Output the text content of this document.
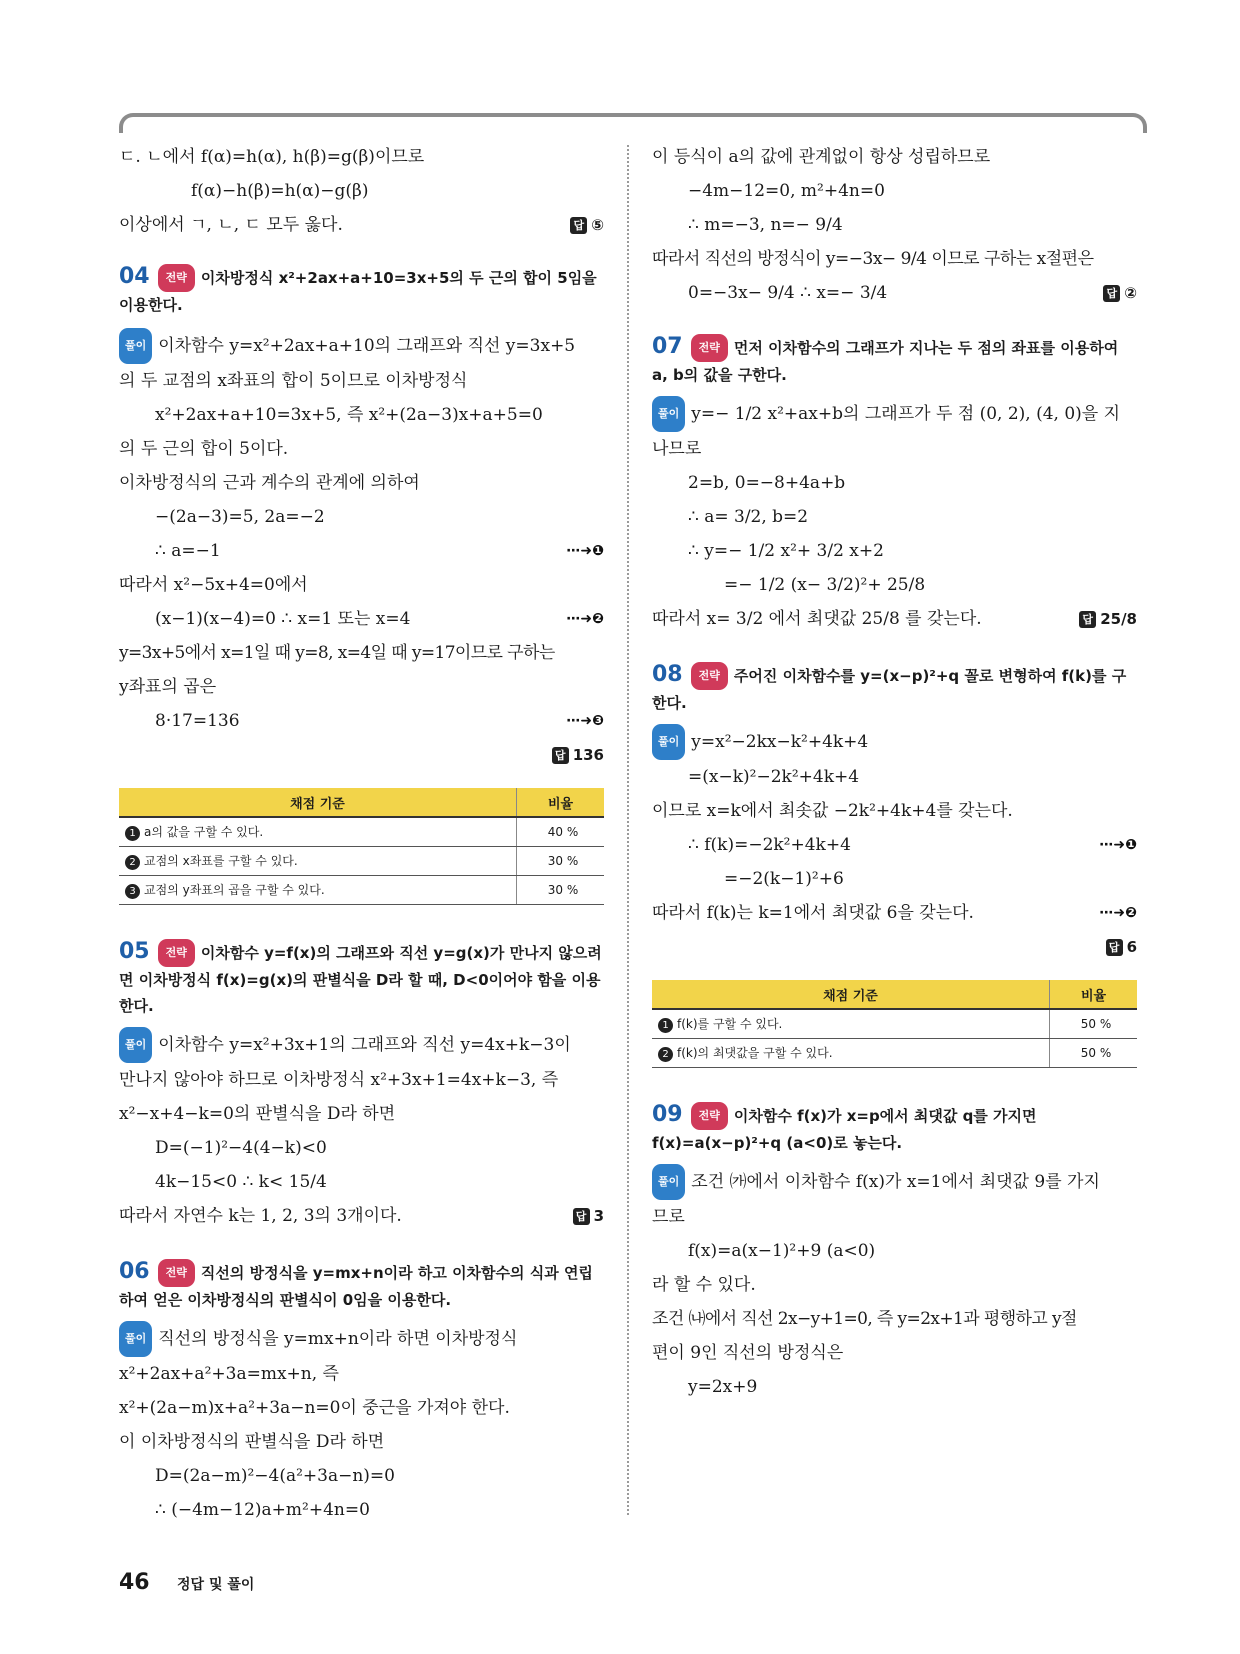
ㄷ. ㄴ에서 f(α)=h(α), h(β)=g(β)이므로
f(α)−h(β)=h(α)−g(β)
이상에서 ㄱ, ㄴ, ㄷ 모두 옳다.	답 ⑤
04 전략 이차방정식 x²+2ax+a+10=3x+5의 두 근의 합이 5임을 이용한다.
풀이 이차함수 y=x²+2ax+a+10의 그래프와 직선 y=3x+5
의 두 교점의 x좌표의 합이 5이므로 이차방정식
x²+2ax+a+10=3x+5, 즉 x²+(2a−3)x+a+5=0
의 두 근의 합이 5이다.
이차방정식의 근과 계수의 관계에 의하여
−(2a−3)=5, 2a=−2
∴ a=−1	⋯➜❶
따라서 x²−5x+4=0에서
(x−1)(x−4)=0 ∴ x=1 또는 x=4	⋯➜❷
y=3x+5에서 x=1일 때 y=8, x=4일 때 y=17이므로 구하는
y좌표의 곱은
8·17=136	⋯➜❸
답 136
채점 기준	비율
1 a의 값을 구할 수 있다.	40 %
2 교점의 x좌표를 구할 수 있다.	30 %
3 교점의 y좌표의 곱을 구할 수 있다.	30 %
05 전략 이차함수 y=f(x)의 그래프와 직선 y=g(x)가 만나지 않으려면 이차방정식 f(x)=g(x)의 판별식을 D라 할 때, D<0이어야 함을 이용한다.
풀이 이차함수 y=x²+3x+1의 그래프와 직선 y=4x+k−3이
만나지 않아야 하므로 이차방정식 x²+3x+1=4x+k−3, 즉
x²−x+4−k=0의 판별식을 D라 하면
D=(−1)²−4(4−k)<0
4k−15<0 ∴ k< 15/4
따라서 자연수 k는 1, 2, 3의 3개이다.	답 3
06 전략 직선의 방정식을 y=mx+n이라 하고 이차함수의 식과 연립하여 얻은 이차방정식의 판별식이 0임을 이용한다.
풀이 직선의 방정식을 y=mx+n이라 하면 이차방정식
x²+2ax+a²+3a=mx+n, 즉
x²+(2a−m)x+a²+3a−n=0이 중근을 가져야 한다.
이 이차방정식의 판별식을 D라 하면
D=(2a−m)²−4(a²+3a−n)=0
∴ (−4m−12)a+m²+4n=0
이 등식이 a의 값에 관계없이 항상 성립하므로
−4m−12=0, m²+4n=0
∴ m=−3, n=− 9/4
따라서 직선의 방정식이 y=−3x− 9/4 이므로 구하는 x절편은
0=−3x− 9/4 ∴ x=− 3/4	답 ②
07 전략 먼저 이차함수의 그래프가 지나는 두 점의 좌표를 이용하여 a, b의 값을 구한다.
풀이 y=− 1/2 x²+ax+b의 그래프가 두 점 (0, 2), (4, 0)을 지
나므로
2=b, 0=−8+4a+b
∴ a= 3/2, b=2
∴ y=− 1/2 x²+ 3/2 x+2
=− 1/2 (x− 3/2)²+ 25/8
따라서 x= 3/2 에서 최댓값 25/8 를 갖는다.	답 25/8
08 전략 주어진 이차함수를 y=(x−p)²+q 꼴로 변형하여 f(k)를 구한다.
풀이 y=x²−2kx−k²+4k+4
=(x−k)²−2k²+4k+4
이므로 x=k에서 최솟값 −2k²+4k+4를 갖는다.
∴ f(k)=−2k²+4k+4	⋯➜❶
=−2(k−1)²+6
따라서 f(k)는 k=1에서 최댓값 6을 갖는다.	⋯➜❷
답 6
채점 기준	비율
1 f(k)를 구할 수 있다.	50 %
2 f(k)의 최댓값을 구할 수 있다.	50 %
09 전략 이차함수 f(x)가 x=p에서 최댓값 q를 가지면 f(x)=a(x−p)²+q (a<0)로 놓는다.
풀이 조건 ㈎에서 이차함수 f(x)가 x=1에서 최댓값 9를 가지
므로
f(x)=a(x−1)²+9 (a<0)
라 할 수 있다.
조건 ㈏에서 직선 2x−y+1=0, 즉 y=2x+1과 평행하고 y절
편이 9인 직선의 방정식은
y=2x+9
46 정답 및 풀이
